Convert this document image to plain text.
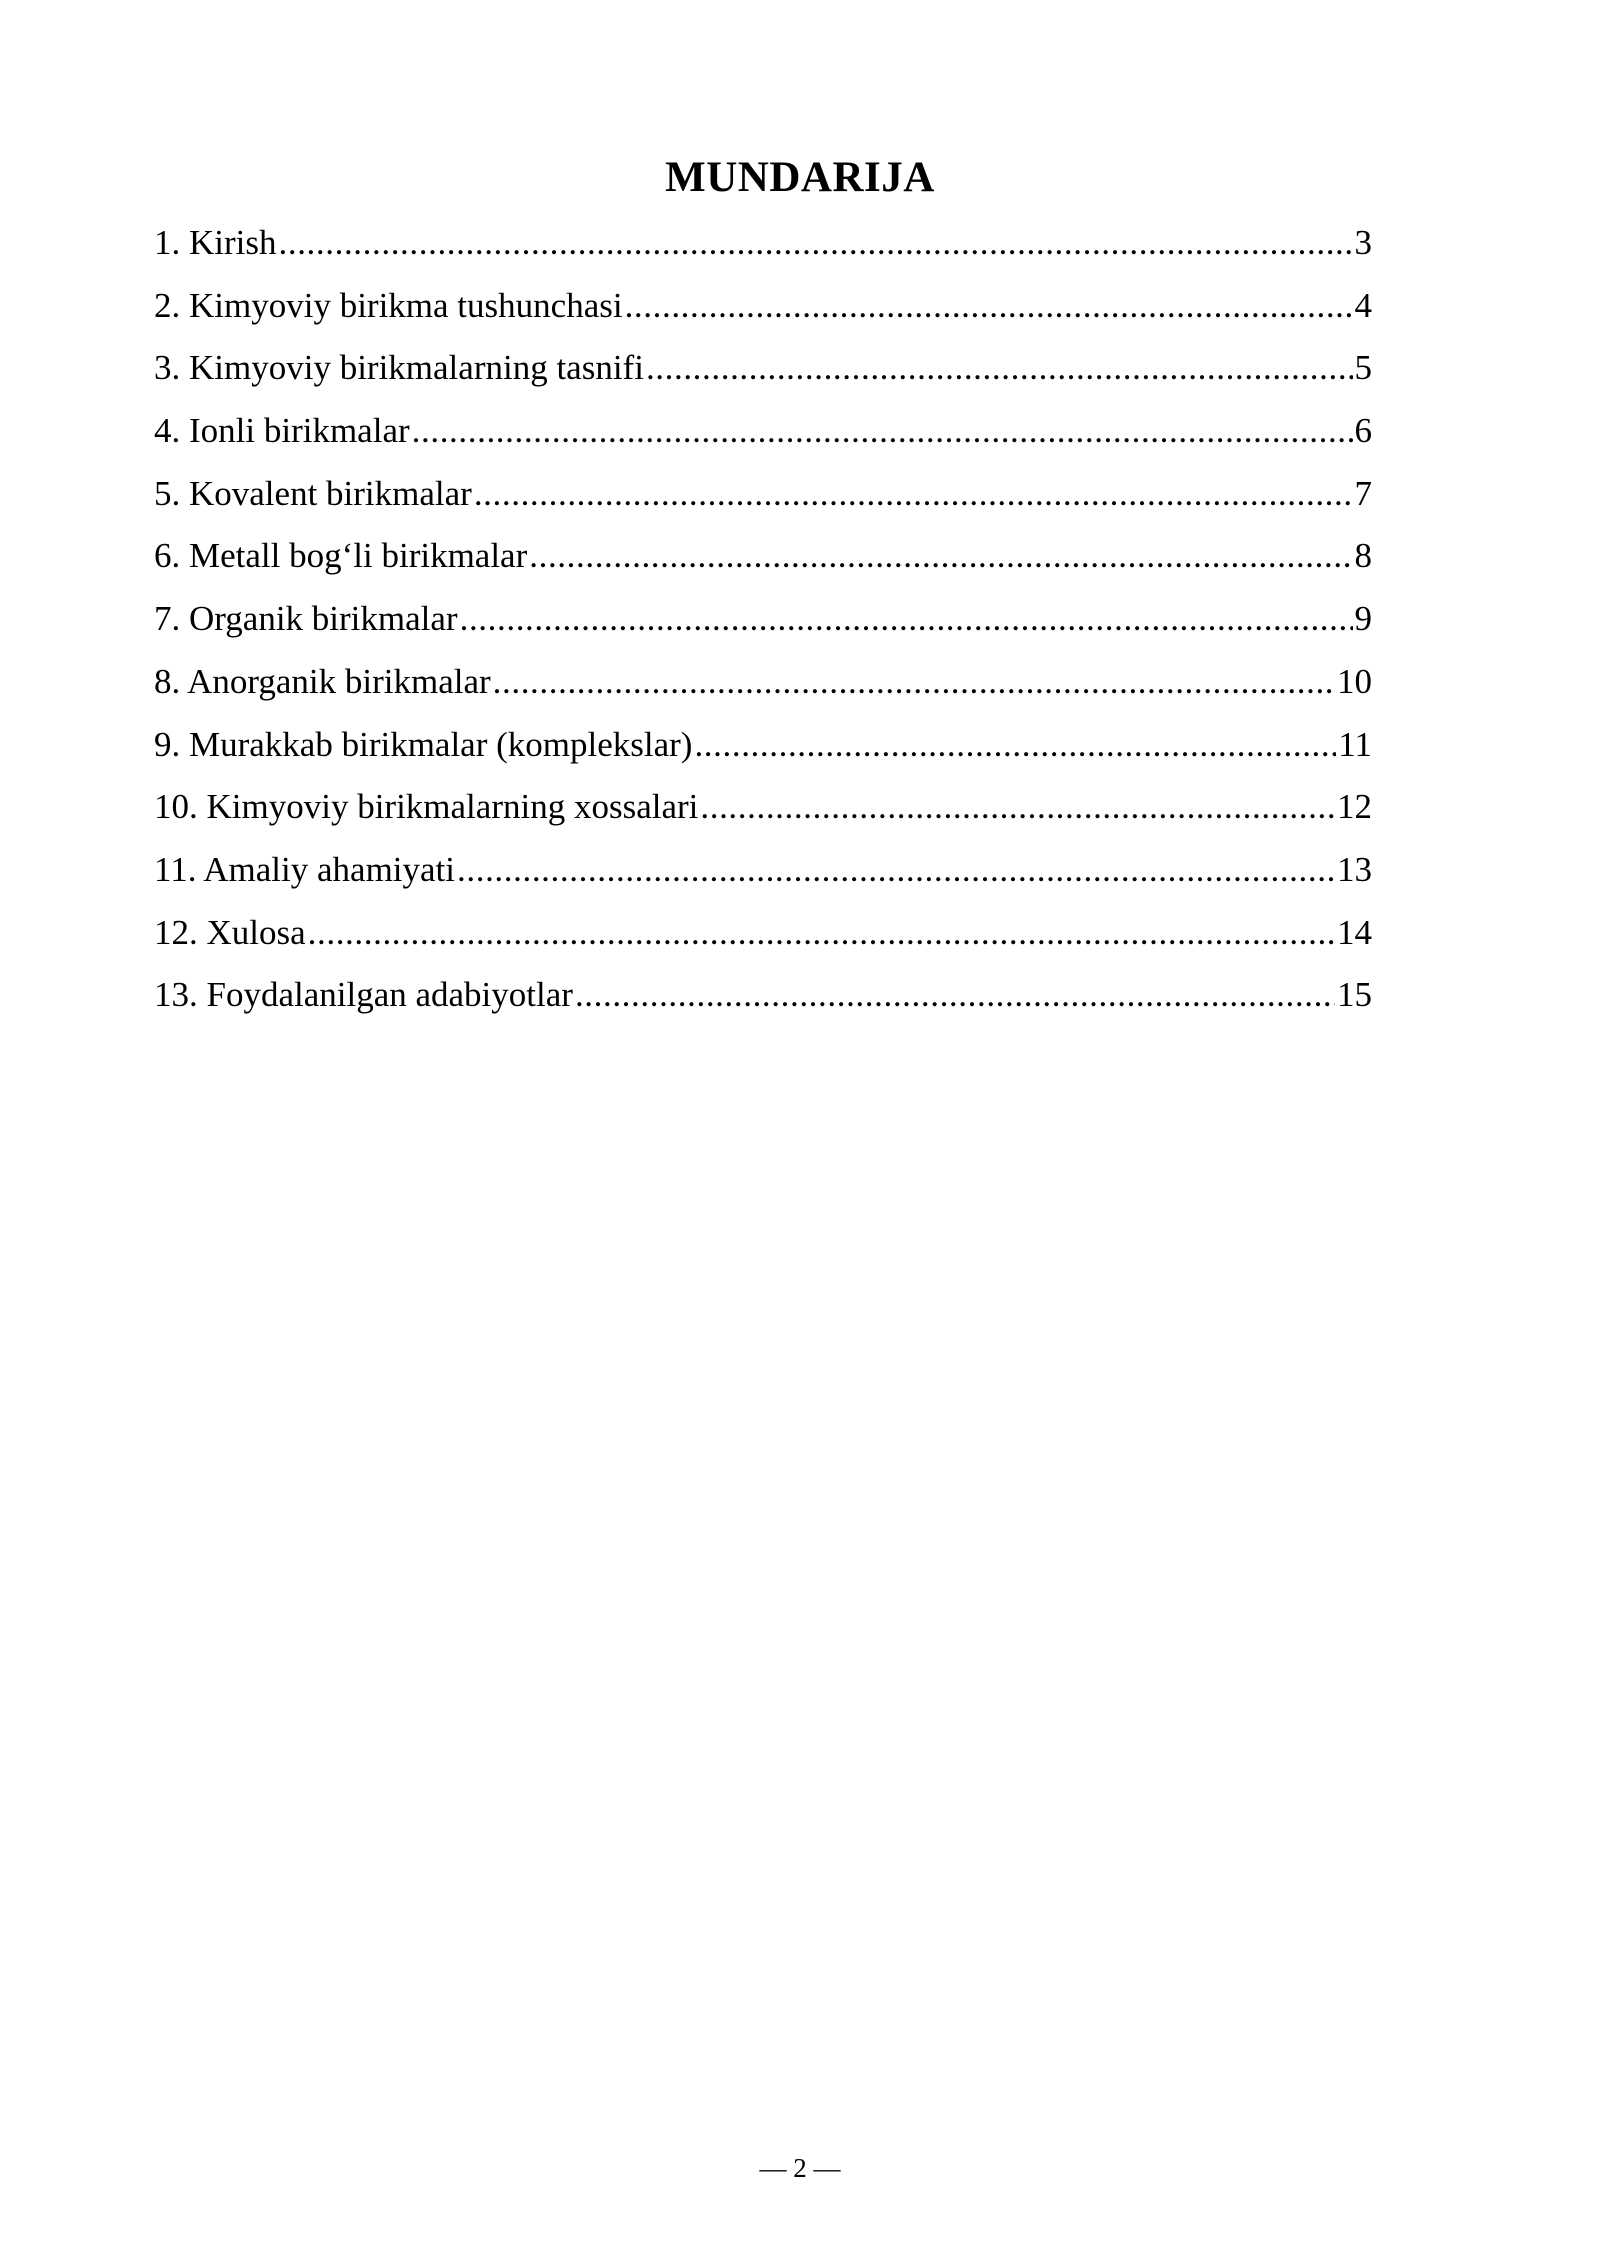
MUNDARIJA
1. Kirish .....	3
2. Kimyoviy birikma tushunchasi .....	4
3. Kimyoviy birikmalarning tasnifi .....	5
4. Ionli birikmalar .....	6
5. Kovalent birikmalar .....	7
6. Metall bog‘li birikmalar .....	8
7. Organik birikmalar .....	9
8. Anorganik birikmalar .....	10
9. Murakkab birikmalar (komplekslar) .....	11
10. Kimyoviy birikmalarning xossalari .....	12
11. Amaliy ahamiyati .....	13
12. Xulosa .....	14
13. Foydalanilgan adabiyotlar .....	15
— 2 —
